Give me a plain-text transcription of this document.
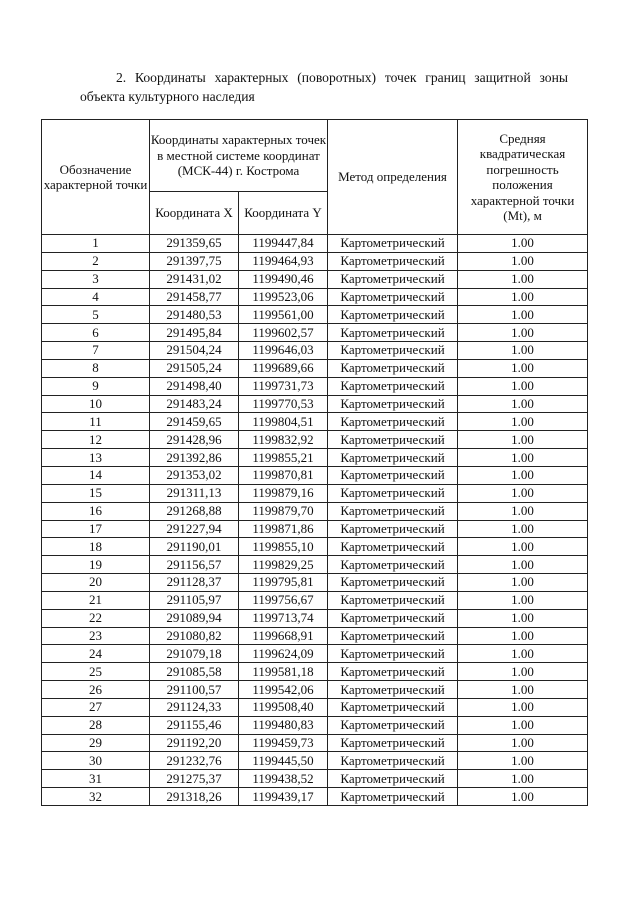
2. Координаты характерных (поворотных) точек границ защитной зоны объекта культурного наследия

Обозначение характерной точки	Координаты характерных точек в местной системе координат (МСК-44) г. Кострома		Метод определения	Средняя квадратическая погрешность положения характерной точки (Mt), м
	Координата X	Координата Y		
1	291359,65	1199447,84	Картометрический	1.00
2	291397,75	1199464,93	Картометрический	1.00
3	291431,02	1199490,46	Картометрический	1.00
4	291458,77	1199523,06	Картометрический	1.00
5	291480,53	1199561,00	Картометрический	1.00
6	291495,84	1199602,57	Картометрический	1.00
7	291504,24	1199646,03	Картометрический	1.00
8	291505,24	1199689,66	Картометрический	1.00
9	291498,40	1199731,73	Картометрический	1.00
10	291483,24	1199770,53	Картометрический	1.00
11	291459,65	1199804,51	Картометрический	1.00
12	291428,96	1199832,92	Картометрический	1.00
13	291392,86	1199855,21	Картометрический	1.00
14	291353,02	1199870,81	Картометрический	1.00
15	291311,13	1199879,16	Картометрический	1.00
16	291268,88	1199879,70	Картометрический	1.00
17	291227,94	1199871,86	Картометрический	1.00
18	291190,01	1199855,10	Картометрический	1.00
19	291156,57	1199829,25	Картометрический	1.00
20	291128,37	1199795,81	Картометрический	1.00
21	291105,97	1199756,67	Картометрический	1.00
22	291089,94	1199713,74	Картометрический	1.00
23	291080,82	1199668,91	Картометрический	1.00
24	291079,18	1199624,09	Картометрический	1.00
25	291085,58	1199581,18	Картометрический	1.00
26	291100,57	1199542,06	Картометрический	1.00
27	291124,33	1199508,40	Картометрический	1.00
28	291155,46	1199480,83	Картометрический	1.00
29	291192,20	1199459,73	Картометрический	1.00
30	291232,76	1199445,50	Картометрический	1.00
31	291275,37	1199438,52	Картометрический	1.00
32	291318,26	1199439,17	Картометрический	1.00
